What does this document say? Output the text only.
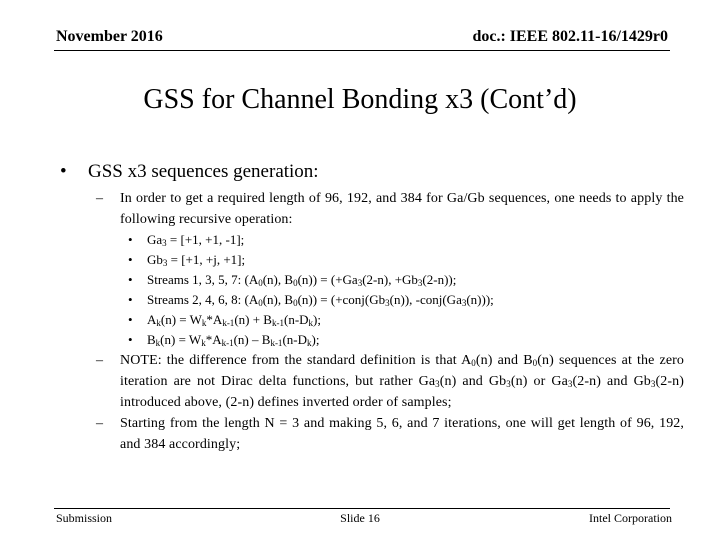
November 2016	doc.: IEEE 802.11-16/1429r0
GSS for Channel Bonding x3 (Cont’d)
• GSS x3 sequences generation:
– In order to get a required length of 96, 192, and 384 for Ga/Gb sequences, one needs to apply the following recursive operation:
• $Ga_3 = [+1$, +1, -1];
• $Gb_3 = [+1$, +j, +1];
• Streams 1, 3, 5, 7: ($A_0(n)$, $B_0(n)) = (+Ga_3(2-n)$, $+Gb_3(2-n)$);
• Streams 2, 4, 6, 8: ($A_0(n)$, $B_0(n)$) = ($+conj(Gb_3(n))$, $-conj(Ga_3(n))$);
• $A_k(n) = W_k*A_{k-1}(n) + B_{k-1}(n-D_k)$;
• $B_k(n) = W_k*A_{k-1}(n) - B_{k-1}(n-D_k)$;
– NOTE: the difference from the standard definition is that $A_0(n)$ and $B_0(n)$ sequences at the zero iteration are not Dirac delta functions, but rather $Ga_3(n)$ and $Gb_3(n)$ or $Ga_3(2-n)$ and $Gb_3(2-n)$ introduced above, (2-n) defines inverted order of samples;
– Starting from the length N = 3 and making 5, 6, and 7 iterations, one will get length of 96, 192, and 384 accordingly;
Submission	Slide 16	Intel Corporation
